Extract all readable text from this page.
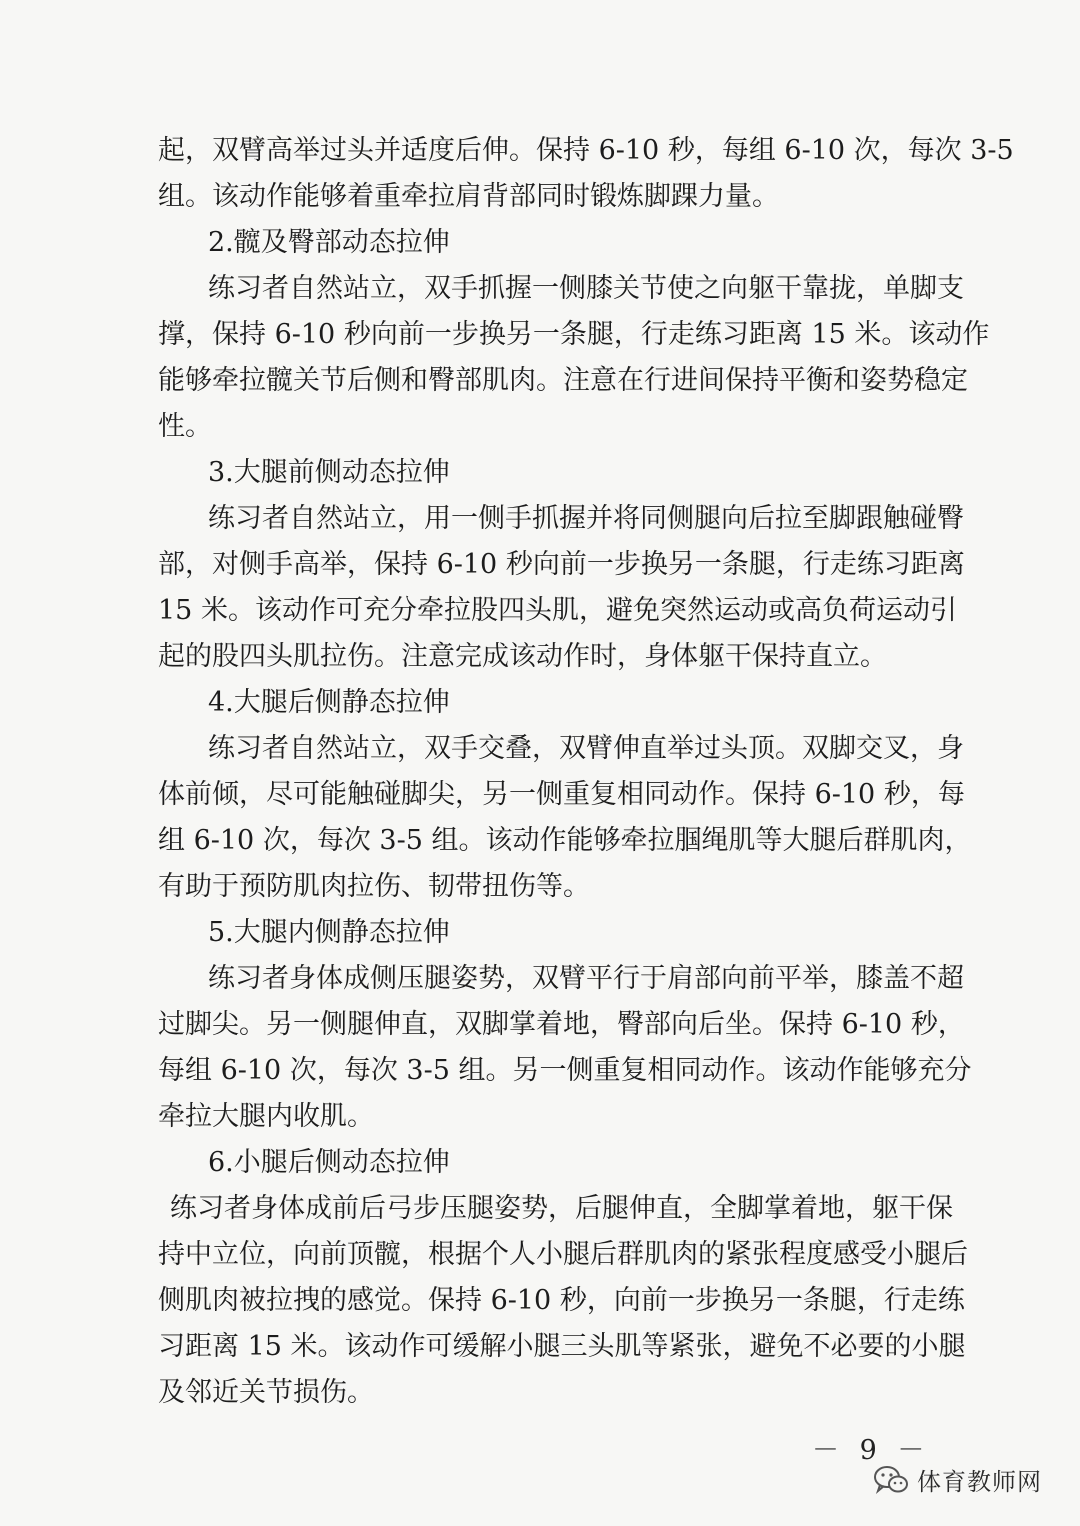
起，双臂高举过头并适度后伸。保持 6-10 秒，每组 6-10 次，每次 3-5
组。该动作能够着重牵拉肩背部同时锻炼脚踝力量。
2.髋及臀部动态拉伸
练习者自然站立，双手抓握一侧膝关节使之向躯干靠拢，单脚支
撑，保持 6-10 秒向前一步换另一条腿，行走练习距离 15 米。该动作
能够牵拉髋关节后侧和臀部肌肉。注意在行进间保持平衡和姿势稳定
性。
3.大腿前侧动态拉伸
练习者自然站立，用一侧手抓握并将同侧腿向后拉至脚跟触碰臀
部，对侧手高举，保持 6-10 秒向前一步换另一条腿，行走练习距离
15 米。该动作可充分牵拉股四头肌，避免突然运动或高负荷运动引
起的股四头肌拉伤。注意完成该动作时，身体躯干保持直立。
4.大腿后侧静态拉伸
练习者自然站立，双手交叠，双臂伸直举过头顶。双脚交叉，身
体前倾，尽可能触碰脚尖，另一侧重复相同动作。保持 6-10 秒，每
组 6-10 次，每次 3-5 组。该动作能够牵拉腘绳肌等大腿后群肌肉，
有助于预防肌肉拉伤、韧带扭伤等。
5.大腿内侧静态拉伸
练习者身体成侧压腿姿势，双臂平行于肩部向前平举，膝盖不超
过脚尖。另一侧腿伸直，双脚掌着地，臀部向后坐。保持 6-10 秒，
每组 6-10 次，每次 3-5 组。另一侧重复相同动作。该动作能够充分
牵拉大腿内收肌。
6.小腿后侧动态拉伸
练习者身体成前后弓步压腿姿势，后腿伸直，全脚掌着地，躯干保
持中立位，向前顶髋，根据个人小腿后群肌肉的紧张程度感受小腿后
侧肌肉被拉拽的感觉。保持 6-10 秒，向前一步换另一条腿，行走练
习距离 15 米。该动作可缓解小腿三头肌等紧张，避免不必要的小腿
及邻近关节损伤。
－ 9 －
体育教师网
